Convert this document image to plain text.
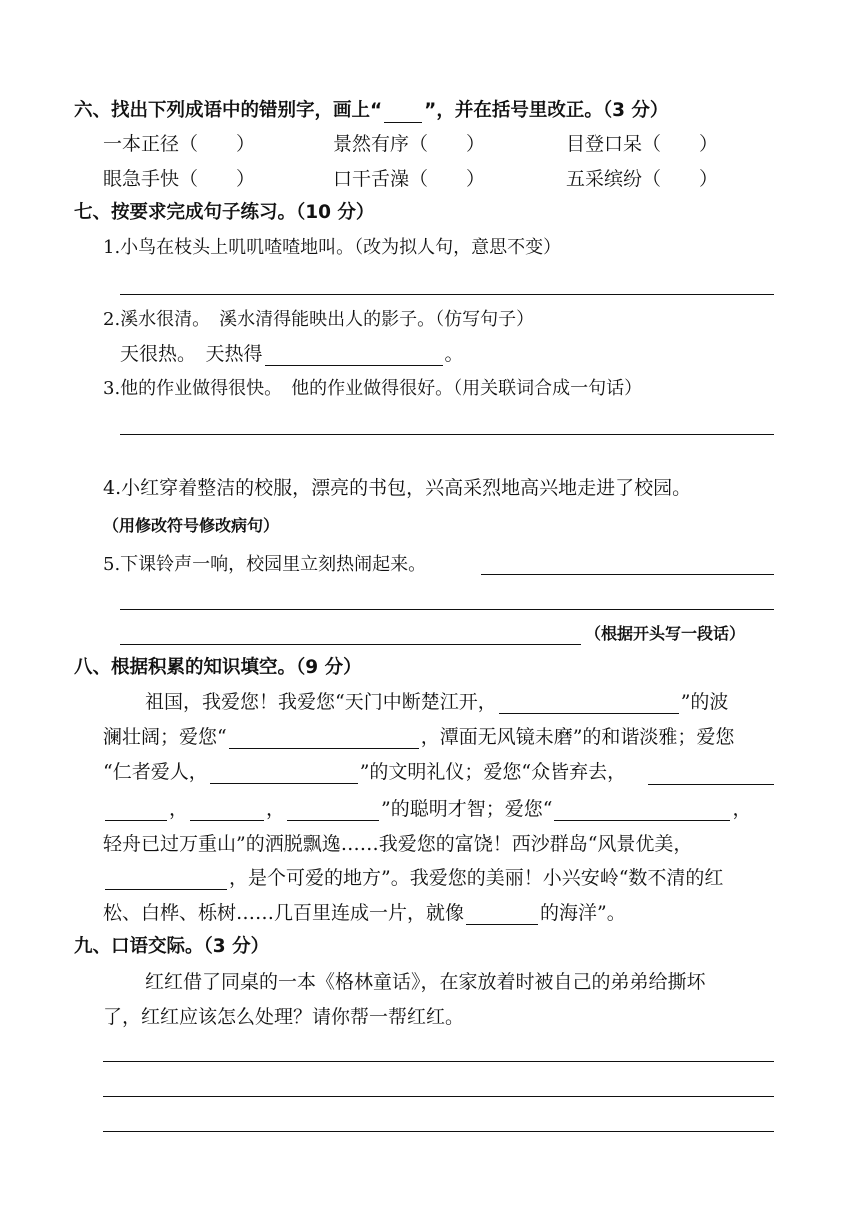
六、找出下列成语中的错别字，画上“ ”，并在括号里改正。（3 分）
一本正径（　　）	景然有序（　　）	目登口呆（　　）
眼急手快（　　）	口干舌澡（　　）	五采缤纷（　　）
七、按要求完成句子练习。（10 分）
1.小鸟在枝头上叽叽喳喳地叫。（改为拟人句，意思不变）
2.溪水很清。　溪水清得能映出人的影子。（仿写句子）
天很热。　天热得	。
3.他的作业做得很快。　他的作业做得很好。（用关联词合成一句话）
4.小红穿着整洁的校服，漂亮的书包，兴高采烈地高兴地走进了校园。
（用修改符号修改病句）
5.下课铃声一响，校园里立刻热闹起来。
（根据开头写一段话）
八、根据积累的知识填空。（9 分）
祖国，我爱您！我爱您“天门中断楚江开，	”的波
澜壮阔；爱您“	，潭面无风镜未磨”的和谐淡雅；爱您
“仁者爱人，	”的文明礼仪；爱您“众皆弃去，
，	，	”的聪明才智；爱您“	，
轻舟已过万重山”的洒脱飘逸……我爱您的富饶！西沙群岛“风景优美，
，是个可爱的地方”。我爱您的美丽！小兴安岭“数不清的红
松、白桦、栎树……几百里连成一片，就像	的海洋”。
九、口语交际。（3 分）
红红借了同桌的一本《格林童话》，在家放着时被自己的弟弟给撕坏
了，红红应该怎么处理？请你帮一帮红红。
